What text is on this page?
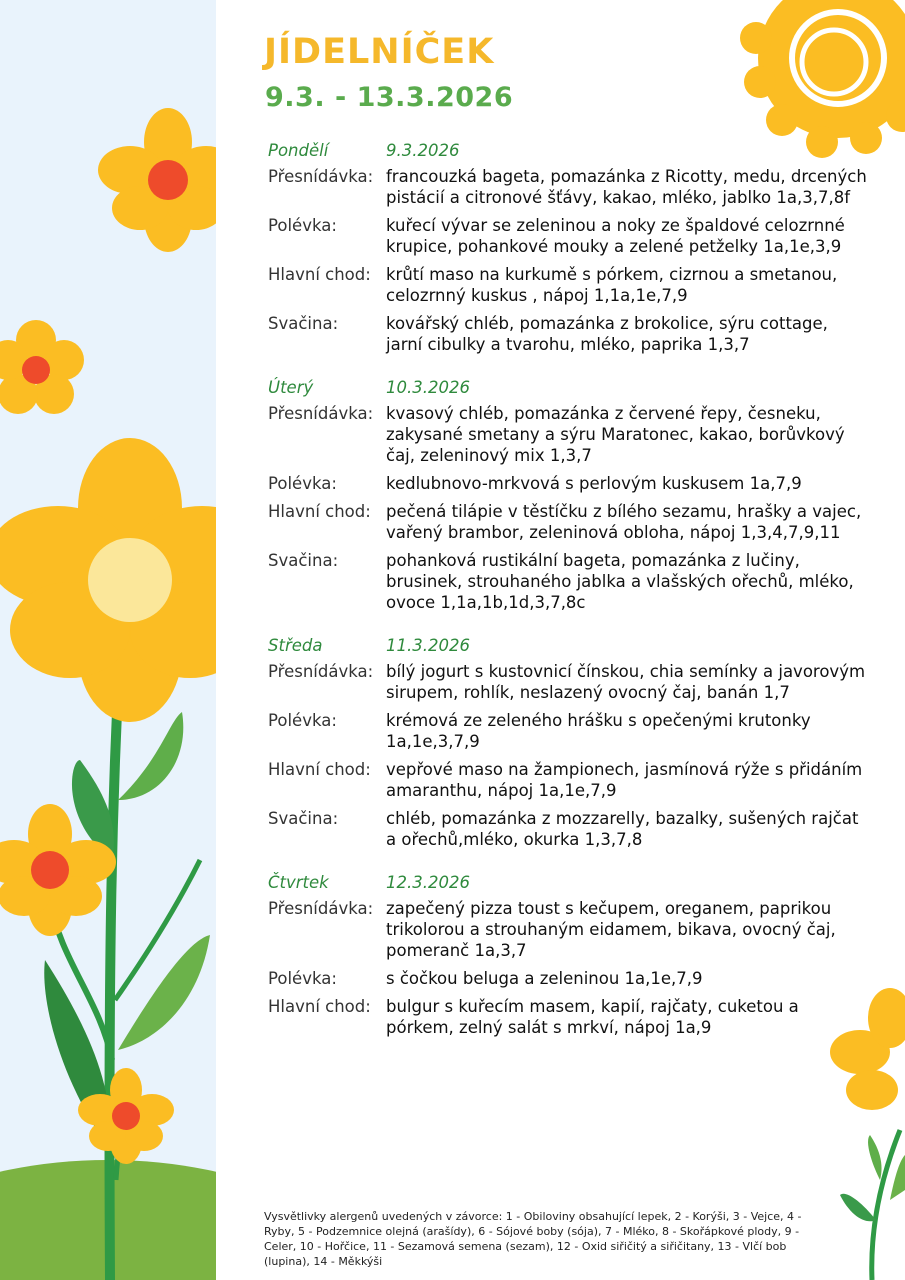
JÍDELNÍČEK
9.3. - 13.3.2026
Pondělí	9.3.2026
Přesnídávka: francouzká bageta, pomazánka z Ricotty, medu, drcených pistácií a citronové šťávy, kakao, mléko, jablko 1a,3,7,8f
Polévka:	kuřecí vývar se zeleninou a noky ze špaldové celozrnné krupice, pohankové mouky a zelené petželky 1a,1e,3,9
Hlavní chod: krůtí maso na kurkumě s pórkem, cizrnou a smetanou, celozrnný kuskus , nápoj 1,1a,1e,7,9
Svačina:	kovářský chléb, pomazánka z brokolice, sýru cottage, jarní cibulky a tvarohu, mléko, paprika 1,3,7
Úterý	10.3.2026
Přesnídávka: kvasový chléb, pomazánka z červené řepy, česneku, zakysané smetany a sýru Maratonec, kakao, borůvkový čaj, zeleninový mix 1,3,7
Polévka:	kedlubnovo-mrkvová s perlovým kuskusem 1a,7,9
Hlavní chod: pečená tilápie v těstíčku z bílého sezamu, hrašky a vajec, vařený brambor, zeleninová obloha, nápoj 1,3,4,7,9,11
Svačina:	pohanková rustikální bageta, pomazánka z lučiny, brusinek, strouhaného jablka a vlašských ořechů, mléko, ovoce 1,1a,1b,1d,3,7,8c
Středa	11.3.2026
Přesnídávka: bílý jogurt s kustovnicí čínskou, chia semínky a javorovým sirupem, rohlík, neslazený ovocný čaj, banán 1,7
Polévka:	krémová ze zeleného hrášku s opečenými krutonky 1a,1e,3,7,9
Hlavní chod: vepřové maso na žampionech, jasmínová rýže s přidáním amaranthu, nápoj 1a,1e,7,9
Svačina:	chléb, pomazánka z mozzarelly, bazalky, sušených rajčat a ořechů,mléko, okurka 1,3,7,8
Čtvrtek	12.3.2026
Přesnídávka: zapečený pizza toust s kečupem, oreganem, paprikou trikolorou a strouhaným eidamem, bikava, ovocný čaj, pomeranč 1a,3,7
Polévka:	s čočkou beluga a zeleninou 1a,1e,7,9
Hlavní chod: bulgur s kuřecím masem, kapií, rajčaty, cuketou a pórkem, zelný salát s mrkví, nápoj 1a,9

Vysvětlivky alergenů uvedených v závorce: 1 - Obiloviny obsahující lepek, 2 - Korýši, 3 - Vejce, 4 - Ryby, 5 - Podzemnice olejná (arašídy), 6 - Sójové boby (sója), 7 - Mléko, 8 - Skořápkové plody, 9 - Celer, 10 - Hořčice, 11 - Sezamová semena (sezam), 12 - Oxid siřičitý a siřičitany, 13 - Vlčí bob (lupina), 14 - Měkkýši
